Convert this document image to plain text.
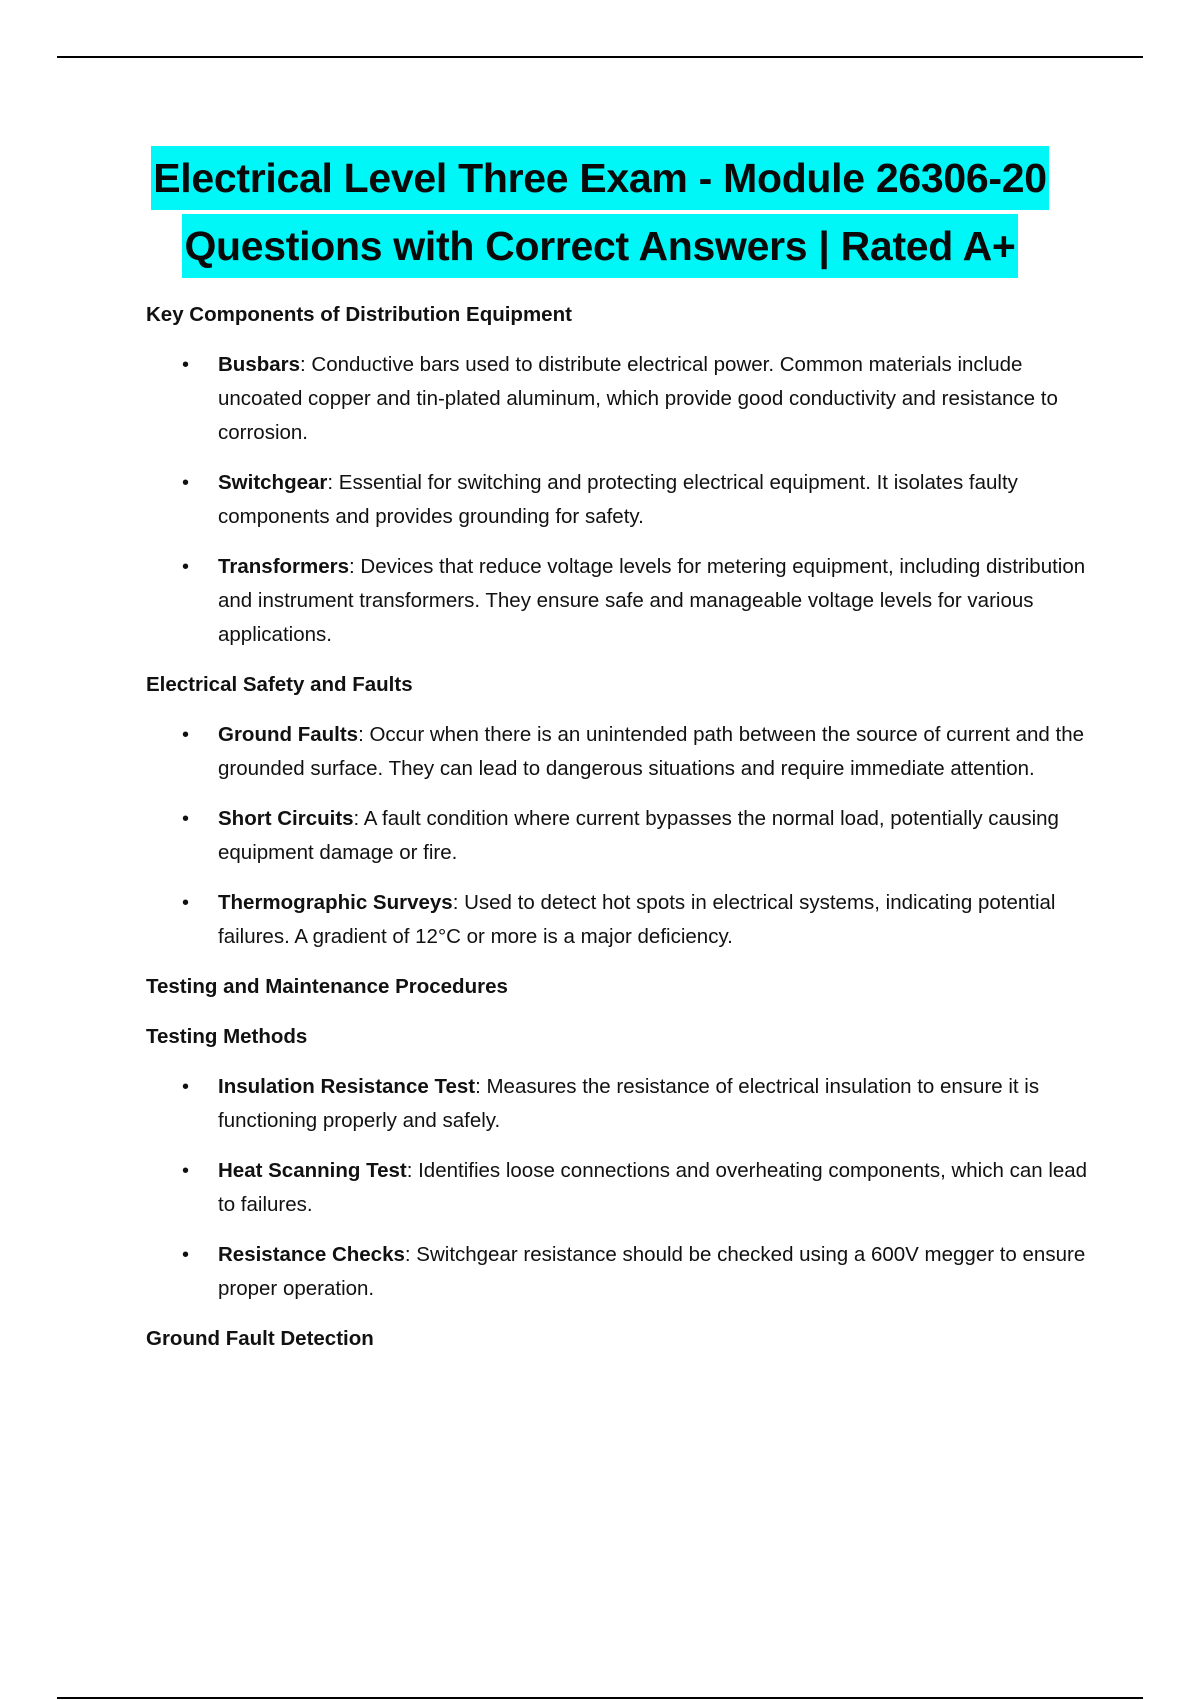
Electrical Level Three Exam - Module 26306-20
Questions with Correct Answers | Rated A+
Key Components of Distribution Equipment
• Busbars: Conductive bars used to distribute electrical power. Common materials include uncoated copper and tin-plated aluminum, which provide good conductivity and resistance to corrosion.
• Switchgear: Essential for switching and protecting electrical equipment. It isolates faulty components and provides grounding for safety.
• Transformers: Devices that reduce voltage levels for metering equipment, including distribution and instrument transformers. They ensure safe and manageable voltage levels for various applications.
Electrical Safety and Faults
• Ground Faults: Occur when there is an unintended path between the source of current and the grounded surface. They can lead to dangerous situations and require immediate attention.
• Short Circuits: A fault condition where current bypasses the normal load, potentially causing equipment damage or fire.
• Thermographic Surveys: Used to detect hot spots in electrical systems, indicating potential failures. A gradient of 12°C or more is a major deficiency.
Testing and Maintenance Procedures
Testing Methods
• Insulation Resistance Test: Measures the resistance of electrical insulation to ensure it is functioning properly and safely.
• Heat Scanning Test: Identifies loose connections and overheating components, which can lead to failures.
• Resistance Checks: Switchgear resistance should be checked using a 600V megger to ensure proper operation.
Ground Fault Detection
